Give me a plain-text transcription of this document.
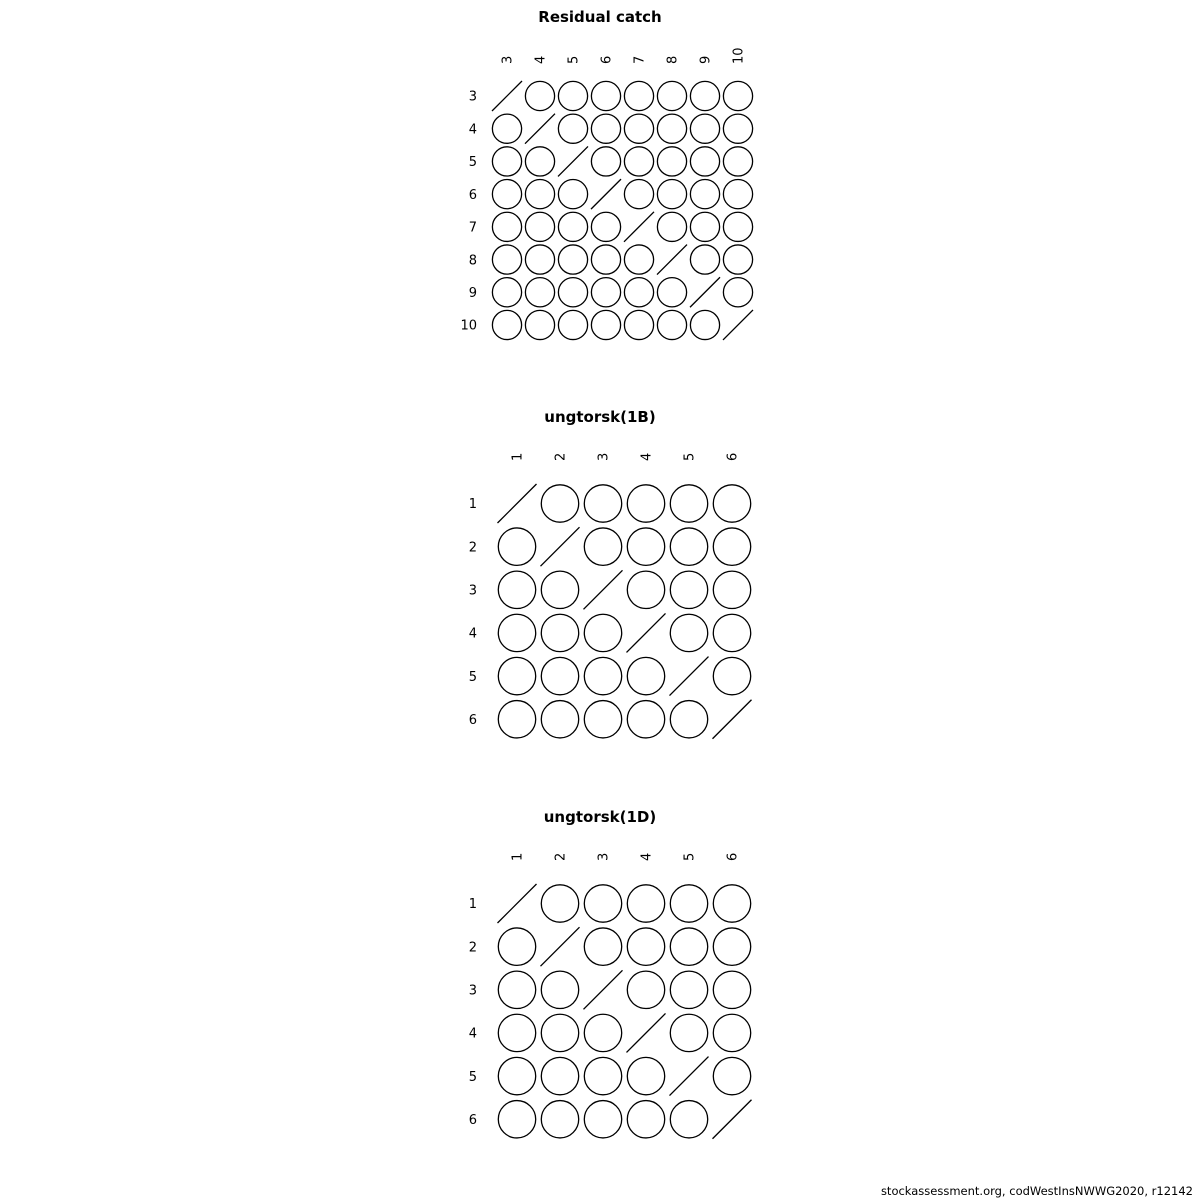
Residual catch
ungtorsk(1B)
ungtorsk(1D)
3 4 5 6 7 8 9 10
3
4
5
6
7
8
9
10
1 2 3 4 5 6
1
2
3
4
5
6
1 2 3 4 5 6
1
2
3
4
5
6
stockassessment.org, codWestInsNWWG2020, r12142
